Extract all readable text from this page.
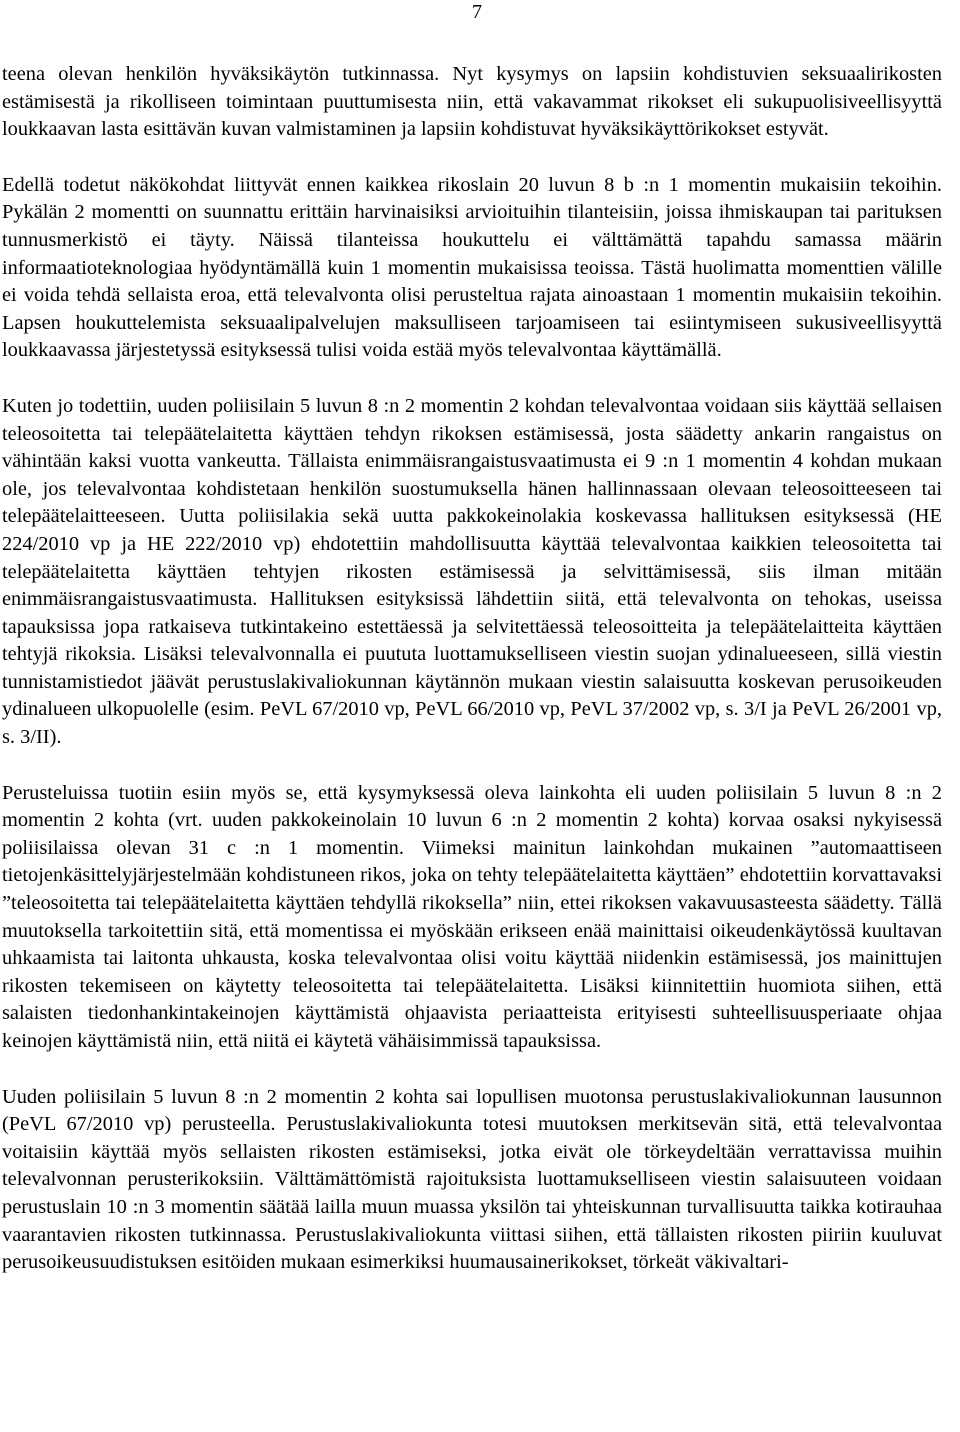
7

teena olevan henkilön hyväksikäytön tutkinnassa. Nyt kysymys on lapsiin kohdistuvien seksuaalirikosten estämisestä ja rikolliseen toimintaan puuttumisesta niin, että vakavammat rikokset eli sukupuolisiveellisyyttä loukkaavan lasta esittävän kuvan valmistaminen ja lapsiin kohdistuvat hyväksikäyttörikokset estyvät.

Edellä todetut näkökohdat liittyvät ennen kaikkea rikoslain 20 luvun 8 b :n 1 momentin mukaisiin tekoihin. Pykälän 2 momentti on suunnattu erittäin harvinaisiksi arvioituihin tilanteisiin, joissa ihmiskaupan tai parituksen tunnusmerkistö ei täyty. Näissä tilanteissa houkuttelu ei välttämättä tapahdu samassa määrin informaatioteknologiaa hyödyntämällä kuin 1 momentin mukaisissa teoissa. Tästä huolimatta momenttien välille ei voida tehdä sellaista eroa, että televalvonta olisi perusteltua rajata ainoastaan 1 momentin mukaisiin tekoihin. Lapsen houkuttelemista seksuaalipalvelujen maksulliseen tarjoamiseen tai esiintymiseen sukusiveellisyyttä loukkaavassa järjestetyssä esityksessä tulisi voida estää myös televalvontaa käyttämällä.

Kuten jo todettiin, uuden poliisilain 5 luvun 8 :n 2 momentin 2 kohdan televalvontaa voidaan siis käyttää sellaisen teleosoitetta tai telepäätelaitetta käyttäen tehdyn rikoksen estämisessä, josta säädetty ankarin rangaistus on vähintään kaksi vuotta vankeutta. Tällaista enimmäisrangaistusvaatimusta ei 9 :n 1 momentin 4 kohdan mukaan ole, jos televalvontaa kohdistetaan henkilön suostumuksella hänen hallinnassaan olevaan teleosoitteeseen tai telepäätelaitteeseen. Uutta poliisilakia sekä uutta pakkokeinolakia koskevassa hallituksen esityksessä (HE 224/2010 vp ja HE 222/2010 vp) ehdotettiin mahdollisuutta käyttää televalvontaa kaikkien teleosoitetta tai telepäätelaitetta käyttäen tehtyjen rikosten estämisessä ja selvittämisessä, siis ilman mitään enimmäisrangaistusvaatimusta. Hallituksen esityksissä lähdettiin siitä, että televalvonta on tehokas, useissa tapauksissa jopa ratkaiseva tutkintakeino estettäessä ja selvitettäessä teleosoitteita ja telepäätelaitteita käyttäen tehtyjä rikoksia. Lisäksi televalvonnalla ei puututa luottamukselliseen viestin suojan ydinalueeseen, sillä viestin tunnistamistiedot jäävät perustuslakivaliokunnan käytännön mukaan viestin salaisuutta koskevan perusoikeuden ydinalueen ulkopuolelle (esim. PeVL 67/2010 vp, PeVL 66/2010 vp, PeVL 37/2002 vp, s. 3/I ja PeVL 26/2001 vp, s. 3/II).

Perusteluissa tuotiin esiin myös se, että kysymyksessä oleva lainkohta eli uuden poliisilain 5 luvun 8 :n 2 momentin 2 kohta (vrt. uuden pakkokeinolain 10 luvun 6 :n 2 momentin 2 kohta) korvaa osaksi nykyisessä poliisilaissa olevan 31 c :n 1 momentin. Viimeksi mainitun lainkohdan mukainen ”automaattiseen tietojenkäsittelyjärjestelmään kohdistuneen rikos, joka on tehty telepäätelaitetta käyttäen” ehdotettiin korvattavaksi ”teleosoitetta tai telepäätelaitetta käyttäen tehdyllä rikoksella” niin, ettei rikoksen vakavuusasteesta säädetty. Tällä muutoksella tarkoitettiin sitä, että momentissa ei myöskään erikseen enää mainittaisi oikeudenkäytössä kuultavan uhkaamista tai laitonta uhkausta, koska televalvontaa olisi voitu käyttää niidenkin estämisessä, jos mainittujen rikosten tekemiseen on käytetty teleosoitetta tai telepäätelaitetta. Lisäksi kiinnitettiin huomiota siihen, että salaisten tiedonhankintakeinojen käyttämistä ohjaavista periaatteista erityisesti suhteellisuusperiaate ohjaa keinojen käyttämistä niin, että niitä ei käytetä vähäisimmissä tapauksissa.

Uuden poliisilain 5 luvun 8 :n 2 momentin 2 kohta sai lopullisen muotonsa perustuslakivaliokunnan lausunnon (PeVL 67/2010 vp) perusteella. Perustuslakivaliokunta totesi muutoksen merkitsevän sitä, että televalvontaa voitaisiin käyttää myös sellaisten rikosten estämiseksi, jotka eivät ole törkeydeltään verrattavissa muihin televalvonnan perusterikoksiin. Välttämättömistä rajoituksista luottamukselliseen viestin salaisuuteen voidaan perustuslain 10 :n 3 momentin säätää lailla muun muassa yksilön tai yhteiskunnan turvallisuutta taikka kotirauhaa vaarantavien rikosten tutkinnassa. Perustuslakivaliokunta viittasi siihen, että tällaisten rikosten piiriin kuuluvat perusoikeusuudistuksen esitöiden mukaan esimerkiksi huumausainerikokset, törkeät väkivaltari-
